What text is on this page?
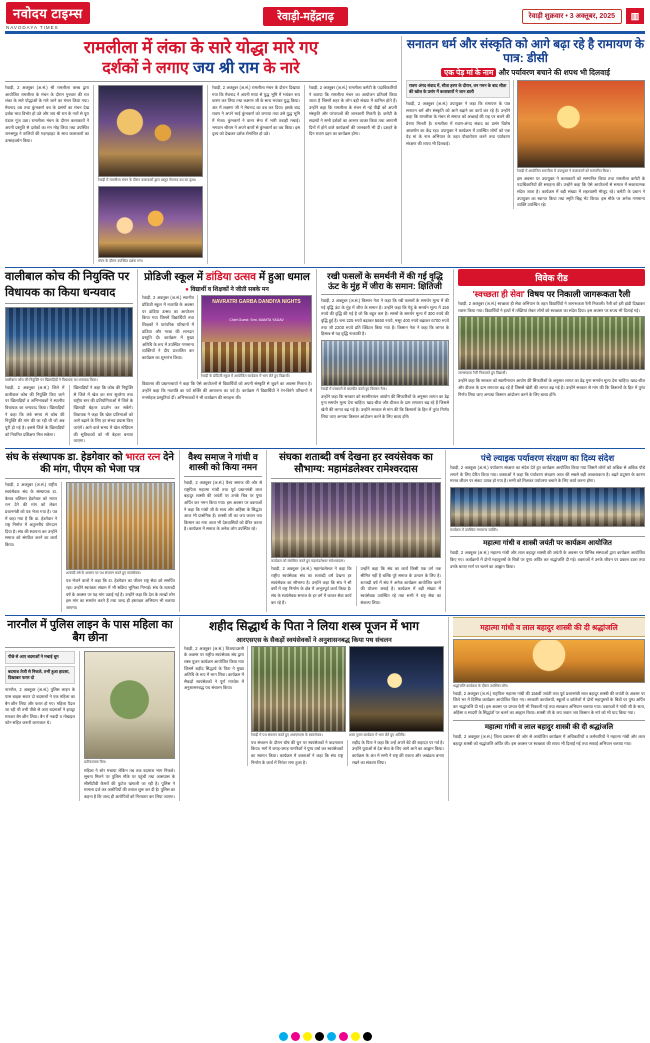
नवोदय टाइम्स
NAVODAYA TIMES
रेवाड़ी-महेंद्रगढ़	रेवाड़ी शुक्रवार • 3 अक्तूबर, 2025	▥
रामलीला में लंका के सारे योद्धा मारे गए
दर्शकों ने लगाए जय श्री राम के नारे
रेवाड़ी, 2 अक्तूबर (अ.सं.) श्री रामलीला क्लब द्वारा आयोजित रामलीला के मंचन के दौरान गुरुवार की रात लंका के सारे योद्धाओं के मारे जाने का मंचन किया गया। मेघनाद वध तथा कुंभकर्ण वध के प्रसंगों का मंचन देख दर्शक भाव विभोर हो उठे और जय श्री राम के नारों से पूरा पंडाल गूंज उठा। रामलीला मंचन के दौरान कलाकारों ने अपनी प्रस्तुति से दर्शकों का मन मोह लिया तथा उपस्थित जनसमूह ने तालियों की गड़गड़ाहट के साथ कलाकारों का उत्साहवर्धन किया।
रेवाड़ी में रामलीला मंचन के दौरान कलाकारों द्वारा प्रस्तुत मेघनाद वध का दृश्य।
मंचन के दौरान उपस्थित दर्शक गण।
रेवाड़ी, 2 अक्तूबर (अ.सं.) रामलीला मंचन के दौरान दिखाया गया कि मेघनाद ने अपनी माया से युद्ध भूमि में भयंकर रूप धारण कर लिया तथा लक्ष्मण जी के साथ भयंकर युद्ध किया। अंत में लक्ष्मण जी ने मेघनाद का वध कर दिया। इसके बाद रावण ने अपने भाई कुंभकर्ण को जगाया तथा उसे युद्ध भूमि में भेजा। कुंभकर्ण ने वानर सेना में भारी तबाही मचाई। भगवान श्रीराम ने अपने बाणों से कुंभकर्ण का वध किया। इस दृश्य को देखकर दर्शक रोमांचित हो उठे।
रेवाड़ी, 2 अक्तूबर (अ.सं.) रामलीला कमेटी के पदाधिकारियों ने बताया कि रामलीला मंचन का आयोजन प्रतिवर्ष किया जाता है जिसमें शहर के लोग बड़ी संख्या में शामिल होते हैं। उन्होंने कहा कि रामलीला के मंचन से नई पीढ़ी को अपनी संस्कृति और परंपराओं की जानकारी मिलती है। कमेटी के सदस्यों ने सभी दर्शकों का आभार व्यक्त किया तथा आगामी दिनों में होने वाले कार्यक्रमों की जानकारी भी दी। दशहरे के दिन रावण दहन का कार्यक्रम होगा।
सनातन धर्म और संस्कृति को आगे बढ़ा रहे है रामायण के पात्र: डीसी
एक पेड़ मां के नाम और पर्यावरण बचाने की शपथ भी दिलवाई
रावण अंगद संवाद में, सीता हरण के दौरान, वन गमन के बाद सीता की खोज के प्रसंग में कलाकारों ने जान डाली
रेवाड़ी, 2 अक्तूबर (अ.सं.) उपायुक्त ने कहा कि रामायण के पात्र सनातन धर्म और संस्कृति को आगे बढ़ाने का कार्य कर रहे हैं। उन्होंने कहा कि रामलीला के मंचन से समाज को अच्छाई की राह पर चलने की प्रेरणा मिलती है। रामलीला में रावण-अंगद संवाद का प्रसंग विशेष आकर्षण का केंद्र रहा। उपायुक्त ने कार्यक्रम में उपस्थित लोगों को एक पेड़ मां के नाम अभियान के तहत पौधारोपण करने तथा पर्यावरण संरक्षण की शपथ भी दिलवाई।
रेवाड़ी में आयोजित रामलीला में उपायुक्त ने कलाकारों को सम्मानित किया।
इस अवसर पर उपायुक्त ने कलाकारों को सम्मानित किया तथा रामलीला कमेटी के पदाधिकारियों की सराहना की। उन्होंने कहा कि ऐसे आयोजनों से समाज में सकारात्मक संदेश जाता है। कार्यक्रम में बड़ी संख्या में शहरवासी मौजूद रहे। कमेटी के प्रधान ने उपायुक्त का स्वागत किया तथा स्मृति चिह्न भेंट किया। इस मौके पर अनेक गणमान्य व्यक्ति उपस्थित रहे।
वालीबाल कोच की नियुक्ति पर
विधायक का किया धन्यवाद
वालीबाल कोच की नियुक्ति पर खिलाड़ियों ने विधायक का धन्यवाद किया।
रेवाड़ी, 2 अक्तूबर (अ.सं.) जिले में वालीबाल कोच की नियुक्ति किए जाने पर खिलाड़ियों व अभिभावकों ने स्थानीय विधायक का धन्यवाद किया। खिलाड़ियों ने कहा कि लंबे समय से कोच की नियुक्ति की मांग की जा रही थी जो अब पूरी हो गई है। इससे जिले के खिलाड़ियों को नियमित प्रशिक्षण मिल सकेगा।
खिलाड़ियों ने कहा कि कोच की नियुक्ति से जिले में खेल का स्तर सुधरेगा तथा राष्ट्रीय स्तर की प्रतियोगिताओं में जिले के खिलाड़ी बेहतर प्रदर्शन कर सकेंगे। विधायक ने कहा कि खेल प्रतिभाओं को आगे बढ़ाने के लिए हर संभव प्रयास किए जाएंगे। आने वाले समय में खेल स्टेडियम की सुविधाओं को भी बेहतर बनाया जाएगा।
प्रोडिजी स्कूल में डांडिया उत्सव में हुआ धमाल
● विद्यार्थी व शिक्षकों ने जीती सबके मन
रेवाड़ी, 2 अक्तूबर (अ.सं.) स्थानीय प्रोडिजी स्कूल में नवरात्रि के अवसर पर डांडिया उत्सव का आयोजन किया गया जिसमें विद्यार्थियों तथा शिक्षकों ने पारंपरिक परिधानों में डांडिया और गरबा की शानदार प्रस्तुति दी। कार्यक्रम में मुख्य अतिथि के रूप में उपस्थित गणमान्य व्यक्तियों ने दीप प्रज्वलित कर कार्यक्रम का शुभारंभ किया।
NAVRATRI GARBA DANDIYA NIGHTS
Chief Guest: Smt. MAMTA YADAV
रेवाड़ी के प्रोडिजी स्कूल में आयोजित कार्यक्रम में भाग लेते हुए विद्यार्थी।
विद्यालय की प्रधानाचार्या ने कहा कि ऐसे आयोजनों से विद्यार्थियों को अपनी संस्कृति से जुड़ने का अवसर मिलता है। उन्होंने कहा कि नवरात्रि का पर्व शक्ति की आराधना का पर्व है। कार्यक्रम में विद्यार्थियों ने रंग-बिरंगे परिधानों में मनमोहक प्रस्तुतियां दीं। अभिभावकों ने भी कार्यक्रम की सराहना की।
रखी फसलों के समर्थनी में की गई वृद्धि ऊंट के मुंह में जीरा के समान: क्षितिजी
रेवाड़ी, 2 अक्तूबर (अ.सं.) किसान नेता ने कहा कि रबी फसलों के समर्थन मूल्य में की गई वृद्धि ऊंट के मुंह में जीरा के समान है। उन्होंने कहा कि गेहूं के समर्थन मूल्य में 150 रुपये की वृद्धि की गई है जो कि बहुत कम है। सरसों के समर्थन मूल्य में 300 रुपये की वृद्धि हुई है। चना 225 रुपये बढ़ाकर 5650 रुपये, मसूर 400 रुपये बढ़ाकर 6700 रुपये तथा जौ 2200 रुपये प्रति क्विंटल किया गया है। किसान नेता ने कहा कि लागत के हिसाब से यह वृद्धि नाकाफी है।
रेवाड़ी में पत्रकारों से बातचीत करते हुए किसान नेता।
उन्होंने कहा कि सरकार को स्वामीनाथन आयोग की सिफारिशों के अनुसार लागत का डेढ़ गुना समर्थन मूल्य देना चाहिए। खाद-बीज और डीजल के दाम लगातार बढ़ रहे हैं जिससे खेती की लागत बढ़ गई है। उन्होंने सरकार से मांग की कि किसानों के हित में तुरंत निर्णय लिया जाए अन्यथा किसान आंदोलन करने के लिए बाध्य होंगे।
विवेक रीड
'स्वच्छता ही सेवा' विषय पर निकाली जागरूकता रैली
रेवाड़ी, 2 अक्तूबर (अ.सं.) स्वच्छता ही सेवा अभियान के तहत विद्यार्थियों ने जागरूकता रैली निकाली। रैली को हरी झंडी दिखाकर रवाना किया गया। विद्यार्थियों ने हाथों में तख्तियां लेकर लोगों को स्वच्छता का संदेश दिया। इस अवसर पर शपथ भी दिलाई गई।
जागरूकता रैली निकालते हुए विद्यार्थी।
उन्होंने कहा कि सरकार को स्वामीनाथन आयोग की सिफारिशों के अनुसार लागत का डेढ़ गुना समर्थन मूल्य देना चाहिए। खाद-बीज और डीजल के दाम लगातार बढ़ रहे हैं जिससे खेती की लागत बढ़ गई है। उन्होंने सरकार से मांग की कि किसानों के हित में तुरंत निर्णय लिया जाए अन्यथा किसान आंदोलन करने के लिए बाध्य होंगे।
संघ के संस्थापक डा. हेडगेवार को भारत रत्न देने की मांग, पीएम को भेजा पत्र
रेवाड़ी, 2 अक्तूबर (अ.सं.) राष्ट्रीय स्वयंसेवक संघ के संस्थापक डा. केशव बलिराम हेडगेवार को भारत रत्न देने की मांग को लेकर प्रधानमंत्री को पत्र भेजा गया है। पत्र में कहा गया है कि डा. हेडगेवार ने राष्ट्र निर्माण में अतुलनीय योगदान दिया है। संघ की स्थापना कर उन्होंने समाज को संगठित करने का कार्य किया।
शताब्दी वर्ष के अवसर पर पथ संचलन करते हुए स्वयंसेवक।
पत्र भेजने वालों ने कहा कि डा. हेडगेवार का जीवन राष्ट्र सेवा को समर्पित रहा। उन्होंने स्वतंत्रता संग्राम में भी सक्रिय भूमिका निभाई। संघ के शताब्दी वर्ष के अवसर पर यह मांग उठाई गई है। उन्होंने कहा कि देश के लाखों लोग इस मांग का समर्थन करते हैं तथा जल्द ही हस्ताक्षर अभियान भी चलाया जाएगा।
वैश्य समाज ने गांधी व शास्त्री को किया नमन
रेवाड़ी, 2 अक्तूबर (अ.सं.) वैश्य समाज की ओर से राष्ट्रपिता महात्मा गांधी तथा पूर्व प्रधानमंत्री लाल बहादुर शास्त्री की जयंती पर उनके चित्र पर पुष्प अर्पित कर नमन किया गया। इस अवसर पर वक्ताओं ने कहा कि गांधी जी के सत्य और अहिंसा के सिद्धांत आज भी प्रासंगिक हैं। शास्त्री जी का जय जवान जय किसान का नारा आज भी देशवासियों को प्रेरित करता है। कार्यक्रम में समाज के अनेक लोग उपस्थित रहे।
संघका शताब्दी वर्ष देखना हर स्वयंसेवक का सौभाग्य: महामंडलेश्वर रामेश्वरदास
कार्यक्रम को संबोधित करते हुए महामंडलेश्वर रामेश्वरदास।
रेवाड़ी, 2 अक्तूबर (अ.सं.) महामंडलेश्वर ने कहा कि राष्ट्रीय स्वयंसेवक संघ का शताब्दी वर्ष देखना हर स्वयंसेवक का सौभाग्य है। उन्होंने कहा कि संघ ने सौ वर्षों में राष्ट्र निर्माण के क्षेत्र में अभूतपूर्व कार्य किया है। संघ के स्वयंसेवक समाज के हर वर्ग में जाकर सेवा कार्य कर रहे हैं।
उन्होंने कहा कि संघ का कार्य किसी एक वर्ग तक सीमित नहीं है बल्कि पूरे समाज के उत्थान के लिए है। शताब्दी वर्ष में संघ ने अनेक कार्यक्रम आयोजित करने की योजना बनाई है। कार्यक्रम में बड़ी संख्या में स्वयंसेवक उपस्थित रहे तथा सभी ने राष्ट्र सेवा का संकल्प लिया।
पंचे ल्याइक पर्यावरण संरक्षण का दिव्य संदेश
रेवाड़ी, 2 अक्तूबर (अ.सं.) पर्यावरण संरक्षण का संदेश देते हुए कार्यक्रम आयोजित किया गया जिसमें लोगों को अधिक से अधिक पौधे लगाने के लिए प्रेरित किया गया। वक्ताओं ने कहा कि पर्यावरण संरक्षण आज की सबसे बड़ी आवश्यकता है। बढ़ते प्रदूषण के कारण मानव जीवन पर संकट उत्पन्न हो गया है। सभी को मिलकर पर्यावरण बचाने के लिए कार्य करना होगा।
कार्यक्रम में उपस्थित गणमान्य व्यक्ति।
महात्मा गांधी व शास्त्री जयंती पर कार्यक्रम आयोजित
रेवाड़ी, 2 अक्तूबर (अ.सं.) महात्मा गांधी और लाल बहादुर शास्त्री की जयंती के अवसर पर विभिन्न संस्थाओं द्वारा कार्यक्रम आयोजित किए गए। कार्यक्रमों में दोनों महापुरुषों के चित्रों पर पुष्प अर्पित कर श्रद्धांजलि दी गई। वक्ताओं ने उनके जीवन पर प्रकाश डाला तथा उनके बताए मार्ग पर चलने का आह्वान किया।
नारनौल में पुलिस लाइन के पास महिला का बैग छीना
पीछे से आए बदमाशों ने मचाई धूम
बदमाश तेजी से निकले, तभी हुआ हादसा, दिखाकर फरार दो
नारनौल, 2 अक्तूबर (अ.सं.) पुलिस लाइन के पास बाइक सवार दो बदमाशों ने एक महिला का बैग छीन लिया और फरार हो गए। महिला पैदल जा रही थी तभी पीछे से आए बदमाशों ने झपट्टा मारकर बैग छीन लिया। बैग में नकदी व मोबाइल फोन सहित जरूरी कागजात थे।
प्रतीकात्मक चित्र।
महिला ने शोर मचाया लेकिन तब तक बदमाश भाग निकले। सूचना मिलने पर पुलिस मौके पर पहुंची तथा आसपास के सीसीटीवी कैमरों की फुटेज खंगाली जा रही है। पुलिस ने मामला दर्ज कर आरोपियों की तलाश शुरू कर दी है। पुलिस का कहना है कि जल्द ही आरोपियों को गिरफ्तार कर लिया जाएगा।
शहीद सिद्धार्थ के पिता ने लिया शस्त्र पूजन में भाग
आरएसएस के सैकड़ों स्वयंसेवकों ने अनुशासनबद्ध किया पथ संचलन
रेवाड़ी, 2 अक्तूबर (अ.सं.) विजयादशमी के अवसर पर राष्ट्रीय स्वयंसेवक संघ द्वारा शस्त्र पूजन कार्यक्रम आयोजित किया गया जिसमें शहीद सिद्धार्थ के पिता ने मुख्य अतिथि के रूप में भाग लिया। कार्यक्रम में सैकड़ों स्वयंसेवकों ने पूर्ण गणवेश में अनुशासनबद्ध पथ संचलन किया।
रेवाड़ी में पथ संचलन करते हुए आरएसएस के स्वयंसेवक।	शस्त्र पूजन कार्यक्रम में भाग लेते हुए अतिथि।
पथ संचलन के दौरान घोष की धुन पर स्वयंसेवकों ने कदमताल किया। मार्ग में जगह-जगह नागरिकों ने पुष्प वर्षा कर स्वयंसेवकों का स्वागत किया। कार्यक्रम में वक्ताओं ने कहा कि संघ राष्ट्र निर्माण के कार्य में निरंतर लगा हुआ है।
शहीद के पिता ने कहा कि उन्हें अपने बेटे की शहादत पर गर्व है। उन्होंने युवाओं से देश सेवा के लिए आगे आने का आह्वान किया। कार्यक्रम के अंत में सभी ने राष्ट्र की एकता और अखंडता बनाए रखने का संकल्प लिया।
महात्मा गांधी व लाल बहादुर शास्त्री की दी श्रद्धांजलि
श्रद्धांजलि कार्यक्रम के दौरान उपस्थित लोग।
रेवाड़ी, 2 अक्तूबर (अ.सं.) राष्ट्रपिता महात्मा गांधी की 156वीं जयंती तथा पूर्व प्रधानमंत्री लाल बहादुर शास्त्री की जयंती के अवसर पर जिले भर में विभिन्न कार्यक्रम आयोजित किए गए। सरकारी कार्यालयों, स्कूलों व कॉलेजों में दोनों महापुरुषों के चित्रों पर पुष्प अर्पित कर श्रद्धांजलि दी गई। इस अवसर पर प्रभात फेरी भी निकाली गई तथा स्वच्छता अभियान चलाया गया। वक्ताओं ने गांधी जी के सत्य, अहिंसा व सादगी के सिद्धांतों पर चलने का आह्वान किया। शास्त्री जी के जय जवान जय किसान के नारे को भी याद किया गया।
महात्मा गांधी व लाल बहादुर शास्त्री की दी श्रद्धांजलि
रेवाड़ी, 2 अक्तूबर (अ.सं.) जिला प्रशासन की ओर से आयोजित कार्यक्रम में अधिकारियों व कर्मचारियों ने महात्मा गांधी और लाल बहादुर शास्त्री को श्रद्धांजलि अर्पित की। इस अवसर पर स्वच्छता की शपथ भी दिलाई गई तथा सफाई अभियान चलाया गया।
